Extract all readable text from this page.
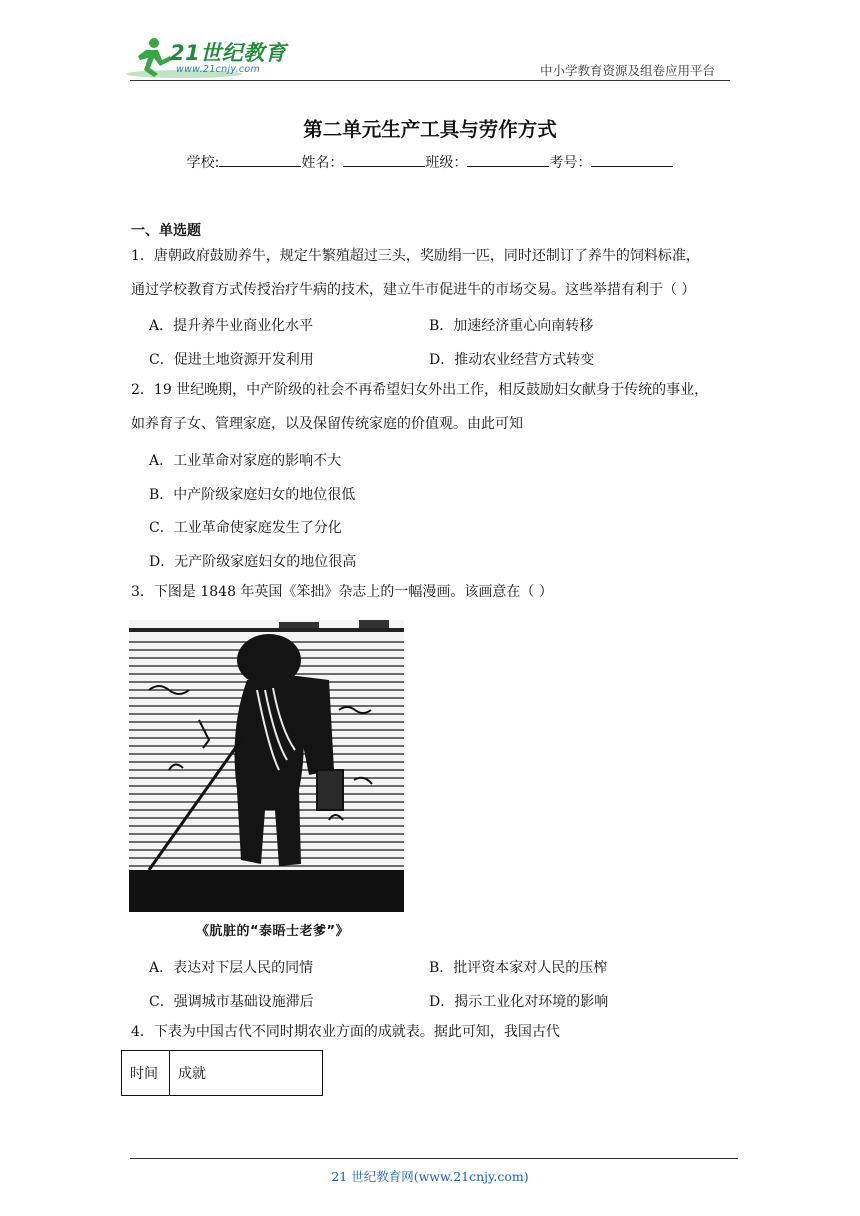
21世纪教育
www.21cnjy.com	中小学教育资源及组卷应用平台
第二单元生产工具与劳作方式
学校:	姓名：	班级：	考号：
一、单选题
1．唐朝政府鼓励养牛，规定牛繁殖超过三头，奖励绢一匹，同时还制订了养牛的饲料标准，
通过学校教育方式传授治疗牛病的技术，建立牛市促进牛的市场交易。这些举措有利于（ ）
A．提升养牛业商业化水平	B．加速经济重心向南转移
C．促进土地资源开发利用	D．推动农业经营方式转变
2．19 世纪晚期，中产阶级的社会不再希望妇女外出工作，相反鼓励妇女献身于传统的事业，
如养育子女、管理家庭，以及保留传统家庭的价值观。由此可知
A．工业革命对家庭的影响不大
B．中产阶级家庭妇女的地位很低
C．工业革命使家庭发生了分化
D．无产阶级家庭妇女的地位很高
3．下图是 1848 年英国《笨拙》杂志上的一幅漫画。该画意在（ ）
《肮脏的“泰晤士老爹”》
A．表达对下层人民的同情	B．批评资本家对人民的压榨
C．强调城市基础设施滞后	D．揭示工业化对环境的影响
4．下表为中国古代不同时期农业方面的成就表。据此可知，我国古代
时间	成就
21 世纪教育网(www.21cnjy.com)
